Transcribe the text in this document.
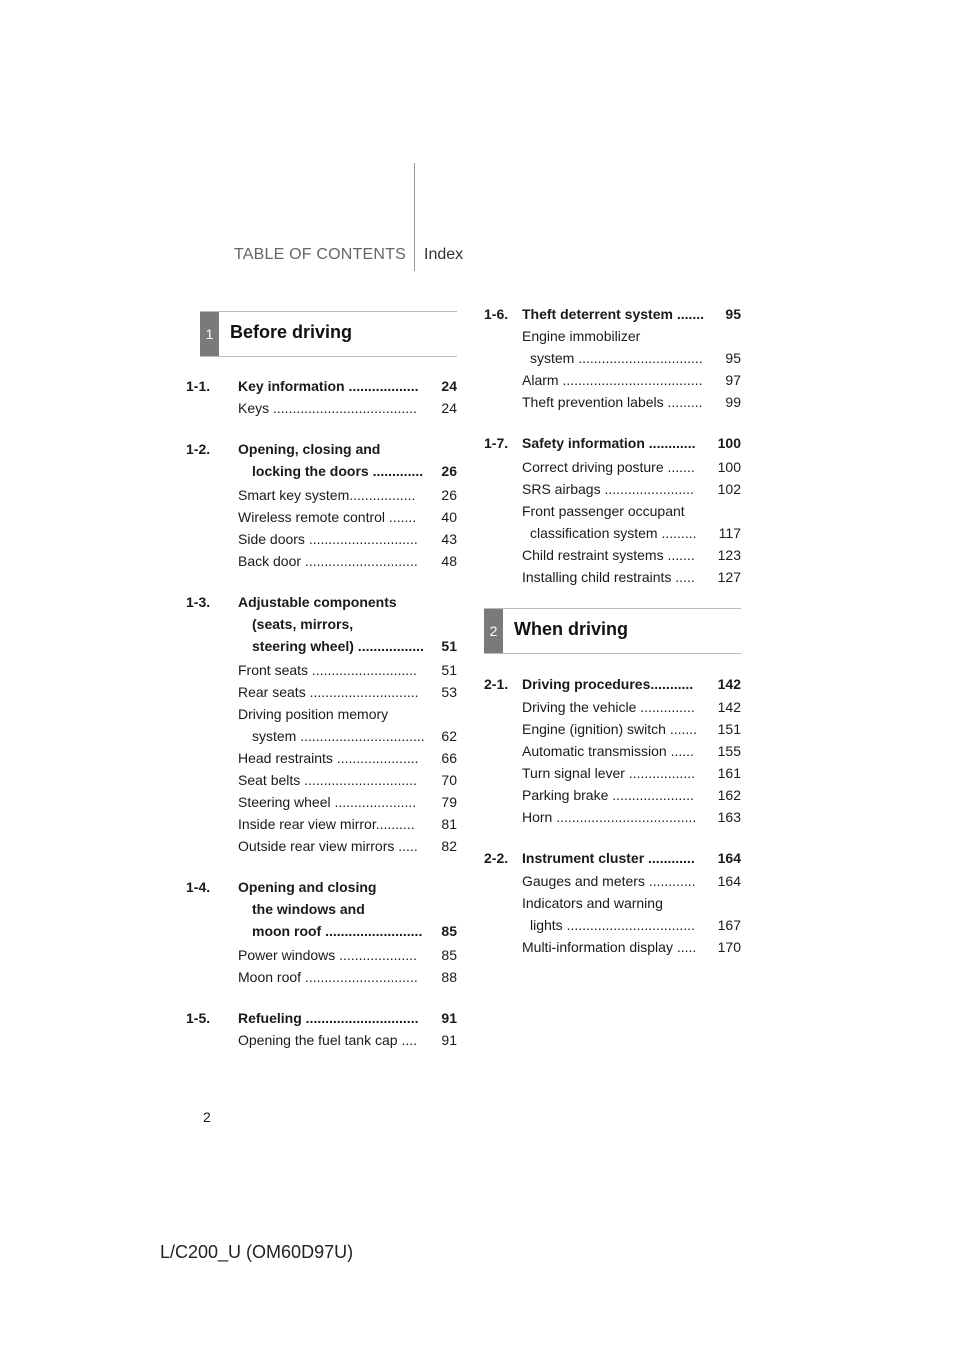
TABLE OF CONTENTS Index
1 Before driving
1-1. Key information .................. 24
Keys ..................................... 24
1-2. Opening, closing and
locking the doors ............. 26
Smart key system................. 26
Wireless remote control ....... 40
Side doors ............................ 43
Back door ............................. 48
1-3. Adjustable components
(seats, mirrors,
steering wheel) ................. 51
Front seats ........................... 51
Rear seats ............................ 53
Driving position memory
system ................................ 62
Head restraints ..................... 66
Seat belts ............................. 70
Steering wheel ..................... 79
Inside rear view mirror.......... 81
Outside rear view mirrors ..... 82
1-4. Opening and closing
the windows and
moon roof ......................... 85
Power windows .................... 85
Moon roof ............................. 88
1-5. Refueling ............................. 91
Opening the fuel tank cap .... 91
1-6. Theft deterrent system ....... 95
Engine immobilizer
system ................................ 95
Alarm .................................... 97
Theft prevention labels ......... 99
1-7. Safety information ............ 100
Correct driving posture ....... 100
SRS airbags ....................... 102
Front passenger occupant
classification system ......... 117
Child restraint systems ....... 123
Installing child restraints ..... 127
2 When driving
2-1. Driving procedures........... 142
Driving the vehicle .............. 142
Engine (ignition) switch ....... 151
Automatic transmission ...... 155
Turn signal lever ................. 161
Parking brake ..................... 162
Horn .................................... 163
2-2. Instrument cluster ............ 164
Gauges and meters ............ 164
Indicators and warning
lights ................................. 167
Multi-information display ..... 170
2
L/C200_U (OM60D97U)
